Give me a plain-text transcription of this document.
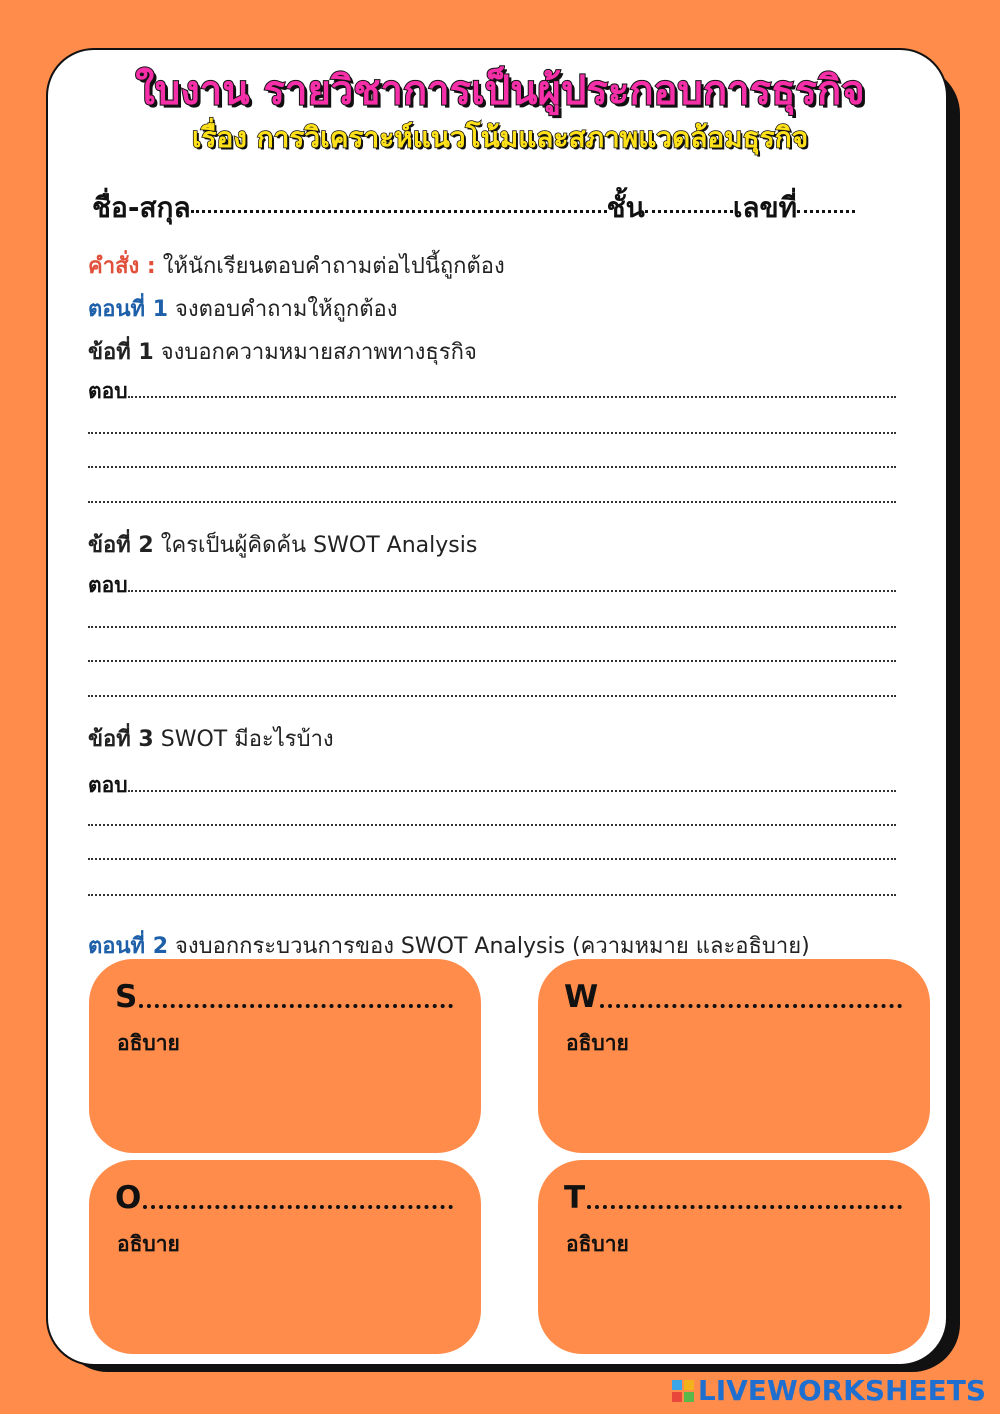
ใบงาน รายวิชาการเป็นผู้ประกอบการธุรกิจ
เรื่อง การวิเคราะห์แนวโน้มและสภาพแวดล้อมธุรกิจ
ชื่อ-สกุล	ชั้น	เลขที่
คำสั่ง : ให้นักเรียนตอบคำถามต่อไปนี้ถูกต้อง
ตอนที่ 1 จงตอบคำถามให้ถูกต้อง
ข้อที่ 1 จงบอกความหมายสภาพทางธุรกิจ
ตอบ
ข้อที่ 2 ใครเป็นผู้คิดค้น SWOT Analysis
ตอบ
ข้อที่ 3 SWOT มีอะไรบ้าง
ตอบ
ตอนที่ 2 จงบอกกระบวนการของ SWOT Analysis (ความหมาย และอธิบาย)
S
อธิบาย
W
อธิบาย
O
อธิบาย
T
อธิบาย
LIVEWORKSHEETS
